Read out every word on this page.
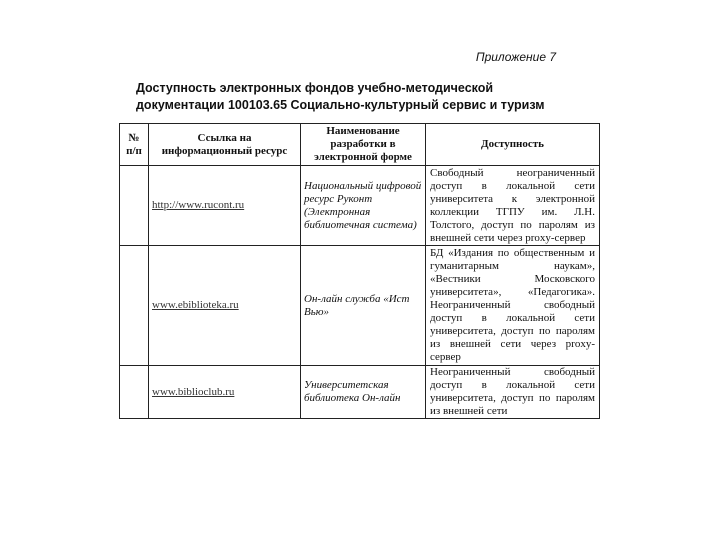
Приложение 7
Доступность электронных фондов учебно-методической документации 100103.65 Социально-культурный сервис и туризм
№ п/п	Ссылка на информационный ресурс	Наименование разработки в электронной форме	Доступность
	http://www.rucont.ru	Национальный цифровой ресурс Руконт (Электронная библиотечная система)	Свободный неограниченный доступ в локальной сети университета к электронной коллекции ТГПУ им. Л.Н. Толстого, доступ по паролям из внешней сети через proxy-сервер
	www.ebiblioteka.ru	Он-лайн служба «Ист Вью»	БД «Издания по общественным и гуманитарным наукам», «Вестники Московского университета», «Педагогика». Неограниченный свободный доступ в локальной сети университета, доступ по паролям из внешней сети через proxy-сервер
	www.biblioclub.ru	Университетская библиотека Он-лайн	Неограниченный свободный доступ в локальной сети университета, доступ по паролям из внешней сети
